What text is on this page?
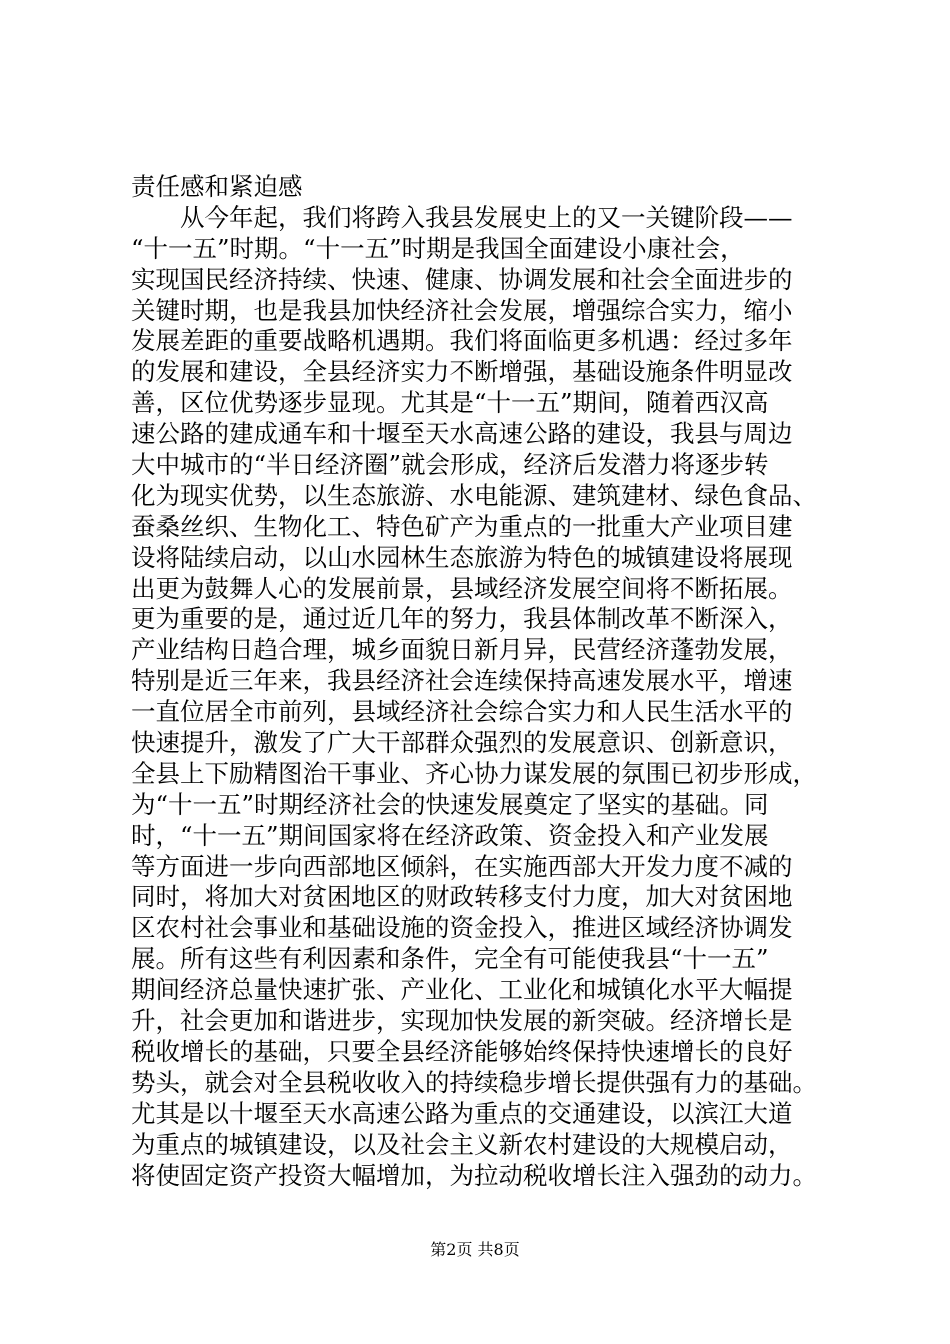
责任感和紧迫感
　　从今年起，我们将跨入我县发展史上的又一关键阶段——
“十一五”时期。“十一五”时期是我国全面建设小康社会，
实现国民经济持续、快速、健康、协调发展和社会全面进步的
关键时期，也是我县加快经济社会发展，增强综合实力，缩小
发展差距的重要战略机遇期。我们将面临更多机遇：经过多年
的发展和建设，全县经济实力不断增强，基础设施条件明显改
善，区位优势逐步显现。尤其是“十一五”期间，随着西汉高
速公路的建成通车和十堰至天水高速公路的建设，我县与周边
大中城市的“半日经济圈”就会形成，经济后发潜力将逐步转
化为现实优势，以生态旅游、水电能源、建筑建材、绿色食品、
蚕桑丝织、生物化工、特色矿产为重点的一批重大产业项目建
设将陆续启动，以山水园林生态旅游为特色的城镇建设将展现
出更为鼓舞人心的发展前景，县域经济发展空间将不断拓展。
更为重要的是，通过近几年的努力，我县体制改革不断深入，
产业结构日趋合理，城乡面貌日新月异，民营经济蓬勃发展，
特别是近三年来，我县经济社会连续保持高速发展水平，增速
一直位居全市前列，县域经济社会综合实力和人民生活水平的
快速提升，激发了广大干部群众强烈的发展意识、创新意识，
全县上下励精图治干事业、齐心协力谋发展的氛围已初步形成，
为“十一五”时期经济社会的快速发展奠定了坚实的基础。同
时，“十一五”期间国家将在经济政策、资金投入和产业发展
等方面进一步向西部地区倾斜，在实施西部大开发力度不减的
同时，将加大对贫困地区的财政转移支付力度，加大对贫困地
区农村社会事业和基础设施的资金投入，推进区域经济协调发
展。所有这些有利因素和条件，完全有可能使我县“十一五”
期间经济总量快速扩张、产业化、工业化和城镇化水平大幅提
升，社会更加和谐进步，实现加快发展的新突破。经济增长是
税收增长的基础，只要全县经济能够始终保持快速增长的良好
势头，就会对全县税收收入的持续稳步增长提供强有力的基础。
尤其是以十堰至天水高速公路为重点的交通建设，以滨江大道
为重点的城镇建设，以及社会主义新农村建设的大规模启动，
将使固定资产投资大幅增加，为拉动税收增长注入强劲的动力。
第2页 共8页
